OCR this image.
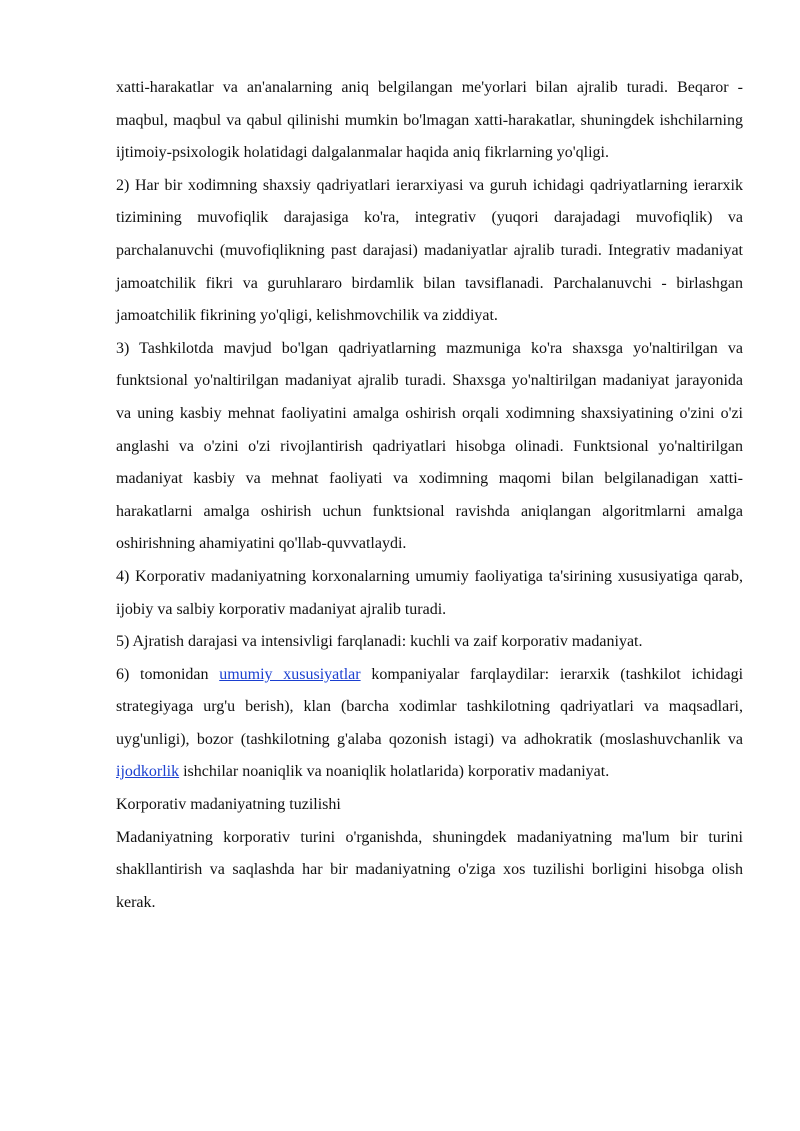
xatti-harakatlar va an'analarning aniq belgilangan me'yorlari bilan ajralib turadi. Beqaror - maqbul, maqbul va qabul qilinishi mumkin bo'lmagan xatti-harakatlar, shuningdek ishchilarning ijtimoiy-psixologik holatidagi dalgalanmalar haqida aniq fikrlarning yo'qligi.

2) Har bir xodimning shaxsiy qadriyatlari ierarxiyasi va guruh ichidagi qadriyatlarning ierarxik tizimining muvofiqlik darajasiga ko'ra, integrativ (yuqori darajadagi muvofiqlik) va parchalanuvchi (muvofiqlikning past darajasi) madaniyatlar ajralib turadi. Integrativ madaniyat jamoatchilik fikri va guruhlararo birdamlik bilan tavsiflanadi. Parchalanuvchi - birlashgan jamoatchilik fikrining yo'qligi, kelishmovchilik va ziddiyat.

3) Tashkilotda mavjud bo'lgan qadriyatlarning mazmuniga ko'ra shaxsga yo'naltirilgan va funktsional yo'naltirilgan madaniyat ajralib turadi. Shaxsga yo'naltirilgan madaniyat jarayonida va uning kasbiy mehnat faoliyatini amalga oshirish orqali xodimning shaxsiyatining o'zini o'zi anglashi va o'zini o'zi rivojlantirish qadriyatlari hisobga olinadi. Funktsional yo'naltirilgan madaniyat kasbiy va mehnat faoliyati va xodimning maqomi bilan belgilanadigan xatti-harakatlarni amalga oshirish uchun funktsional ravishda aniqlangan algoritmlarni amalga oshirishning ahamiyatini qo'llab-quvvatlaydi.

4) Korporativ madaniyatning korxonalarning umumiy faoliyatiga ta'sirining xususiyatiga qarab, ijobiy va salbiy korporativ madaniyat ajralib turadi.

5) Ajratish darajasi va intensivligi farqlanadi: kuchli va zaif korporativ madaniyat.

6) tomonidan umumiy xususiyatlar kompaniyalar farqlaydilar: ierarxik (tashkilot ichidagi strategiyaga urg'u berish), klan (barcha xodimlar tashkilotning qadriyatlari va maqsadlari, uyg'unligi), bozor (tashkilotning g'alaba qozonish istagi) va adhokratik (moslashuvchanlik va ijodkorlik ishchilar noaniqlik va noaniqlik holatlarida) korporativ madaniyat.

Korporativ madaniyatning tuzilishi

Madaniyatning korporativ turini o'rganishda, shuningdek madaniyatning ma'lum bir turini shakllantirish va saqlashda har bir madaniyatning o'ziga xos tuzilishi borligini hisobga olish kerak.
